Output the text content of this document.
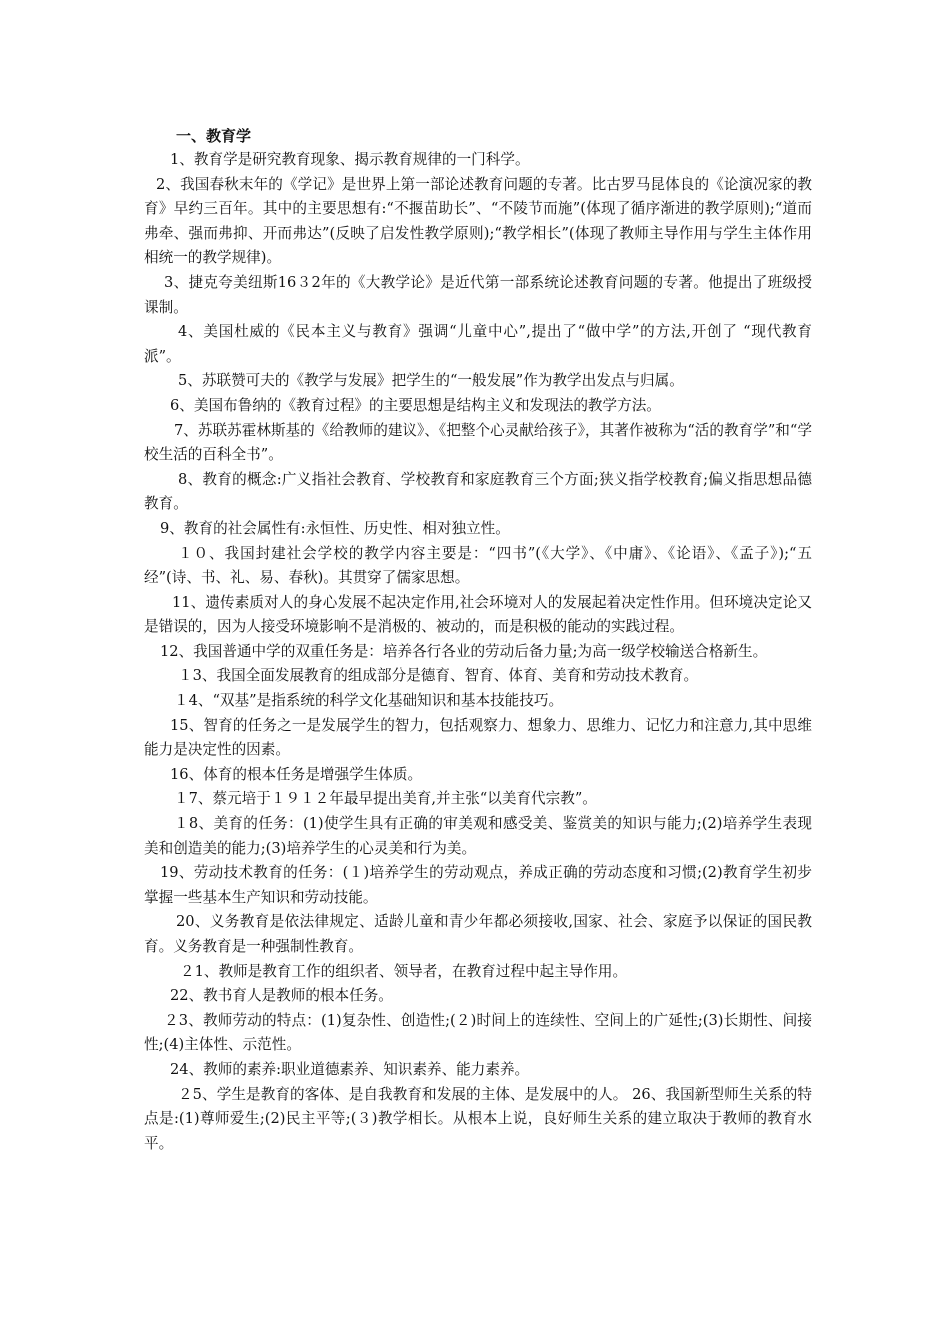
一、教育学

1、教育学是研究教育现象、揭示教育规律的一门科学。

2、我国春秋末年的《学记》是世界上第一部论述教育问题的专著。比古罗马昆体良的《论演况家的教育》早约三百年。其中的主要思想有:“不揠苗助长”、“不陵节而施”(体现了循序渐进的教学原则);“道而弗牵、强而弗抑、开而弗达”(反映了启发性教学原则);“教学相长”(体现了教师主导作用与学生主体作用相统一的教学规律)。

3、捷克夸美纽斯16３2年的《大教学论》是近代第一部系统论述教育问题的专著。他提出了班级授课制。

4、美国杜威的《民本主义与教育》强调“儿童中心”,提出了“做中学”的方法,开创了 “现代教育派”。

5、苏联赞可夫的《教学与发展》把学生的“一般发展”作为教学出发点与归属。

6、美国布鲁纳的《教育过程》的主要思想是结构主义和发现法的教学方法。

7、苏联苏霍林斯基的《给教师的建议》、《把整个心灵献给孩子》，其著作被称为“活的教育学”和“学校生活的百科全书”。

8、教育的概念:广义指社会教育、学校教育和家庭教育三个方面;狭义指学校教育;偏义指思想品德教育。

9、教育的社会属性有:永恒性、历史性、相对独立性。

１０、我国封建社会学校的教学内容主要是：“四书”(《大学》、《中庸》、《论语》、《孟子》);“五经”(诗、书、礼、易、春秋)。其贯穿了儒家思想。

11、遗传素质对人的身心发展不起决定作用,社会环境对人的发展起着决定性作用。但环境决定论又是错误的，因为人接受环境影响不是消极的、被动的，而是积极的能动的实践过程。

12、我国普通中学的双重任务是：培养各行各业的劳动后备力量;为高一级学校输送合格新生。

１3、我国全面发展教育的组成部分是德育、智育、体育、美育和劳动技术教育。

１4、“双基”是指系统的科学文化基础知识和基本技能技巧。

15、智育的任务之一是发展学生的智力，包括观察力、想象力、思维力、记忆力和注意力,其中思维能力是决定性的因素。

16、体育的根本任务是增强学生体质。

１7、蔡元培于１９１２年最早提出美育,并主张“以美育代宗教”。

１8、美育的任务：(1)使学生具有正确的审美观和感受美、鉴赏美的知识与能力;(2)培养学生表现美和创造美的能力;(3)培养学生的心灵美和行为美。

19、劳动技术教育的任务：(１)培养学生的劳动观点，养成正确的劳动态度和习惯;(2)教育学生初步掌握一些基本生产知识和劳动技能。

20、义务教育是依法律规定、适龄儿童和青少年都必须接收,国家、社会、家庭予以保证的国民教育。义务教育是一种强制性教育。

２1、教师是教育工作的组织者、领导者，在教育过程中起主导作用。

22、教书育人是教师的根本任务。

２3、教师劳动的特点：(1)复杂性、创造性;(２)时间上的连续性、空间上的广延性;(3)长期性、间接性;(4)主体性、示范性。

24、教师的素养:职业道德素养、知识素养、能力素养。

２5、学生是教育的客体、是自我教育和发展的主体、是发展中的人。 26、我国新型师生关系的特点是:(1)尊师爱生;(2)民主平等;(３)教学相长。从根本上说，良好师生关系的建立取决于教师的教育水平。
